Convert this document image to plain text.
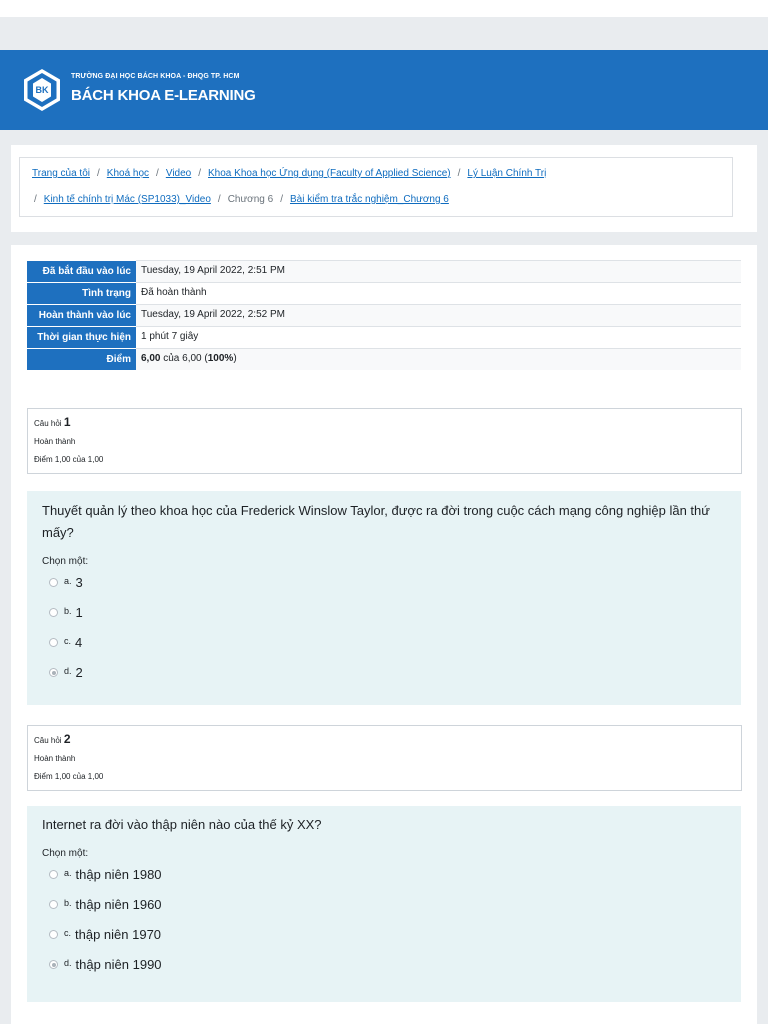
BK
TRƯỜNG ĐẠI HỌC BÁCH KHOA - ĐHQG TP. HCM
BÁCH KHOA E-LEARNING
Trang của tôi / Khoá học / Video / Khoa Khoa học Ứng dụng (Faculty of Applied Science) / Lý Luận Chính Trị
/ Kinh tế chính trị Mác (SP1033)_Video / Chương 6 / Bài kiểm tra trắc nghiệm_Chương 6
Đã bắt đầu vào lúc	Tuesday, 19 April 2022, 2:51 PM
Tình trạng	Đã hoàn thành
Hoàn thành vào lúc	Tuesday, 19 April 2022, 2:52 PM
Thời gian thực hiện	1 phút 7 giây
Điểm	6,00 của 6,00 (100%)
Câu hỏi 1
Hoàn thành
Điểm 1,00 của 1,00
Thuyết quản lý theo khoa học của Frederick Winslow Taylor, được ra đời trong cuộc cách mạng công nghiệp lần thứ mấy?
Chọn một:
a. 3
b. 1
c. 4
d. 2
Câu hỏi 2
Hoàn thành
Điểm 1,00 của 1,00
Internet ra đời vào thập niên nào của thế kỷ XX?
Chọn một:
a. thập niên 1980
b. thập niên 1960
c. thập niên 1970
d. thập niên 1990
